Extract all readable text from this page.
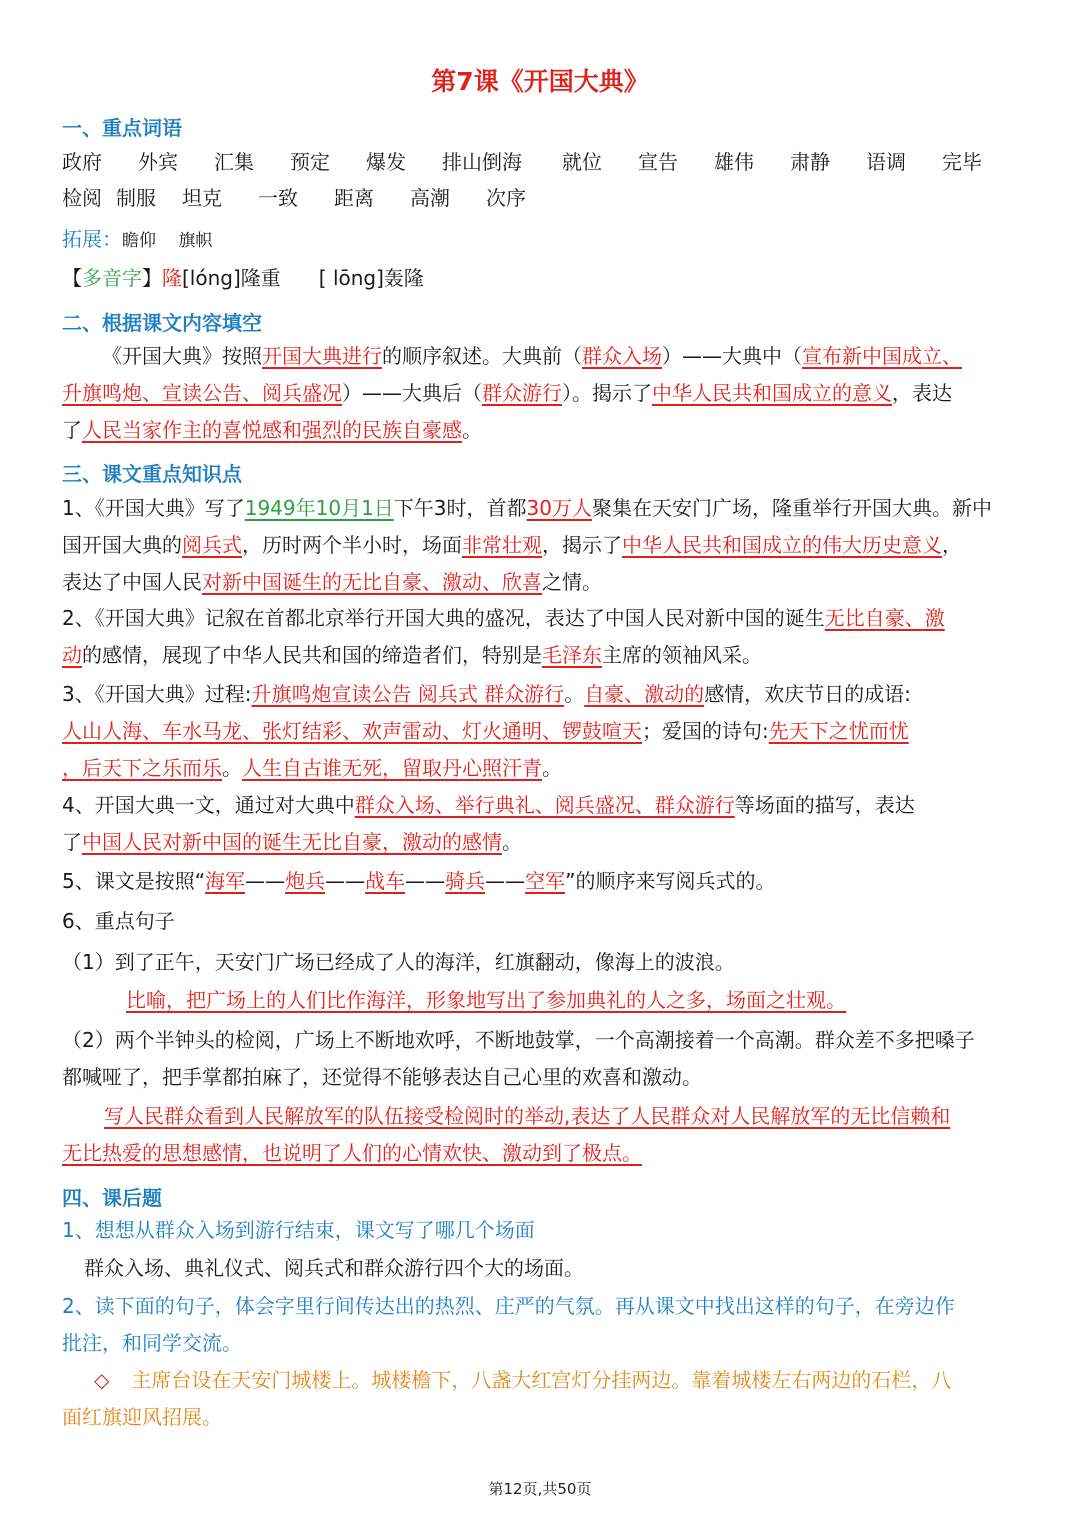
第7课《开国大典》
一、重点词语
政府 外宾 汇集 预定 爆发 排山倒海 就位 宣告 雄伟 肃静 语调 完毕
检阅 制服 坦克 一致 距离 高潮 次序
拓展：瞻仰　 旗帜
【多音字】隆[lóng]隆重 [ lōng]轰隆
二、根据课文内容填空
《开国大典》按照开国大典进行的顺序叙述。大典前（群众入场）——大典中（宣布新中国成立、
升旗鸣炮、宣读公告、阅兵盛况）——大典后（群众游行）。揭示了中华人民共和国成立的意义，表达
了人民当家作主的喜悦感和强烈的民族自豪感。
三、课文重点知识点
1、《开国大典》写了1949年10月1日下午3时，首都30万人聚集在天安门广场，隆重举行开国大典。新中
国开国大典的阅兵式，历时两个半小时，场面非常壮观，揭示了中华人民共和国成立的伟大历史意义，
表达了中国人民对新中国诞生的无比自豪、激动、欣喜之情。
2、《开国大典》记叙在首都北京举行开国大典的盛况，表达了中国人民对新中国的诞生无比自豪、激
动的感情，展现了中华人民共和国的缔造者们，特别是毛泽东主席的领袖风采。
3、《开国大典》过程:升旗鸣炮宣读公告 阅兵式 群众游行。自豪、激动的感情，欢庆节日的成语:
人山人海、车水马龙、张灯结彩、欢声雷动、灯火通明、锣鼓喧天；爱国的诗句:先天下之忧而忧
，后天下之乐而乐。人生自古谁无死，留取丹心照汗青。
4、开国大典一文，通过对大典中群众入场、举行典礼、阅兵盛况、群众游行等场面的描写，表达
了中国人民对新中国的诞生无比自豪，激动的感情。
5、课文是按照“海军——炮兵——战车——骑兵——空军”的顺序来写阅兵式的。
6、重点句子
（1）到了正午，天安门广场已经成了人的海洋，红旗翻动，像海上的波浪。
比喻，把广场上的人们比作海洋，形象地写出了参加典礼的人之多，场面之壮观。
（2）两个半钟头的检阅，广场上不断地欢呼，不断地鼓掌，一个高潮接着一个高潮。群众差不多把嗓子
都喊哑了，把手掌都拍麻了，还觉得不能够表达自己心里的欢喜和激动。
写人民群众看到人民解放军的队伍接受检阅时的举动,表达了人民群众对人民解放军的无比信赖和
无比热爱的思想感情，也说明了人们的心情欢快、激动到了极点。
四、课后题
1、想想从群众入场到游行结束，课文写了哪几个场面
群众入场、典礼仪式、阅兵式和群众游行四个大的场面。
2、读下面的句子，体会字里行间传达出的热烈、庄严的气氛。再从课文中找出这样的句子，在旁边作
批注，和同学交流。
◇ 主席台设在天安门城楼上。城楼檐下，八盏大红宫灯分挂两边。靠着城楼左右两边的石栏，八
面红旗迎风招展。
第12页,共50页
